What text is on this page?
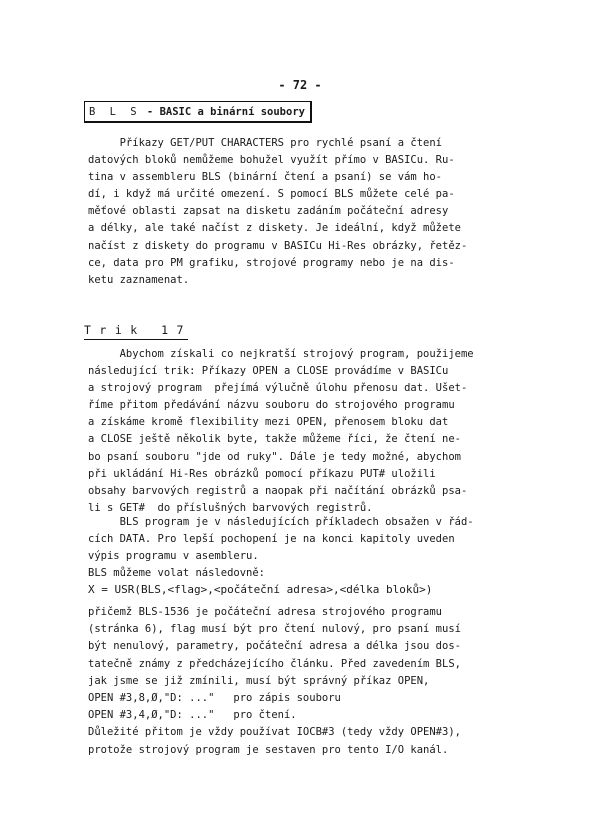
- 72 -
B L S - BASIC a binární soubory
Příkazy GET/PUT CHARACTERS pro rychlé psaní a čtení
datových bloků nemůžeme bohužel využít přímo v BASICu. Ru-
tina v assembleru BLS (binární čtení a psaní) se vám ho-
dí, i když má určité omezení. S pomocí BLS můžete celé pa-
měťové oblasti zapsat na disketu zadáním počáteční adresy
a délky, ale také načíst z diskety. Je ideální, když můžete
načíst z diskety do programu v BASICu Hi-Res obrázky, řetěz-
ce, data pro PM grafiku, strojové programy nebo je na dis-
ketu zaznamenat.
Trik 17
Abychom získali co nejkratší strojový program, použijeme
následující trik: Příkazy OPEN a CLOSE provádíme v BASICu
a strojový program  přejímá výlučně úlohu přenosu dat. Ušet-
říme přitom předávání názvu souboru do strojového programu
a získáme kromě flexibility mezi OPEN, přenosem bloku dat
a CLOSE ještě několik byte, takže můžeme říci, že čtení ne-
bo psaní souboru "jde od ruky". Dále je tedy možné, abychom
při ukládání Hi-Res obrázků pomocí příkazu PUT# uložili
obsahy barvových registrů a naopak při načítání obrázků psa-
li s GET#  do příslušných barvových registrů.
BLS program je v následujících příkladech obsažen v řád-
cích DATA. Pro lepší pochopení je na konci kapitoly uveden
výpis programu v asembleru.
BLS můžeme volat následovně:
X = USR(BLS,<flag>,<počáteční adresa>,<délka bloků>)
přičemž BLS-1536 je počáteční adresa strojového programu
(stránka 6), flag musí být pro čtení nulový, pro psaní musí
být nenulový, parametry, počáteční adresa a délka jsou dos-
tatečně známy z předcházejícího článku. Před zavedením BLS,
jak jsme se již zmínili, musí být správný příkaz OPEN,
OPEN #3,8,Ø,"D: ..."   pro zápis souboru
OPEN #3,4,Ø,"D: ..."   pro čtení.
Důležité přitom je vždy používat IOCB#3 (tedy vždy OPEN#3),
protože strojový program je sestaven pro tento I/O kanál.
